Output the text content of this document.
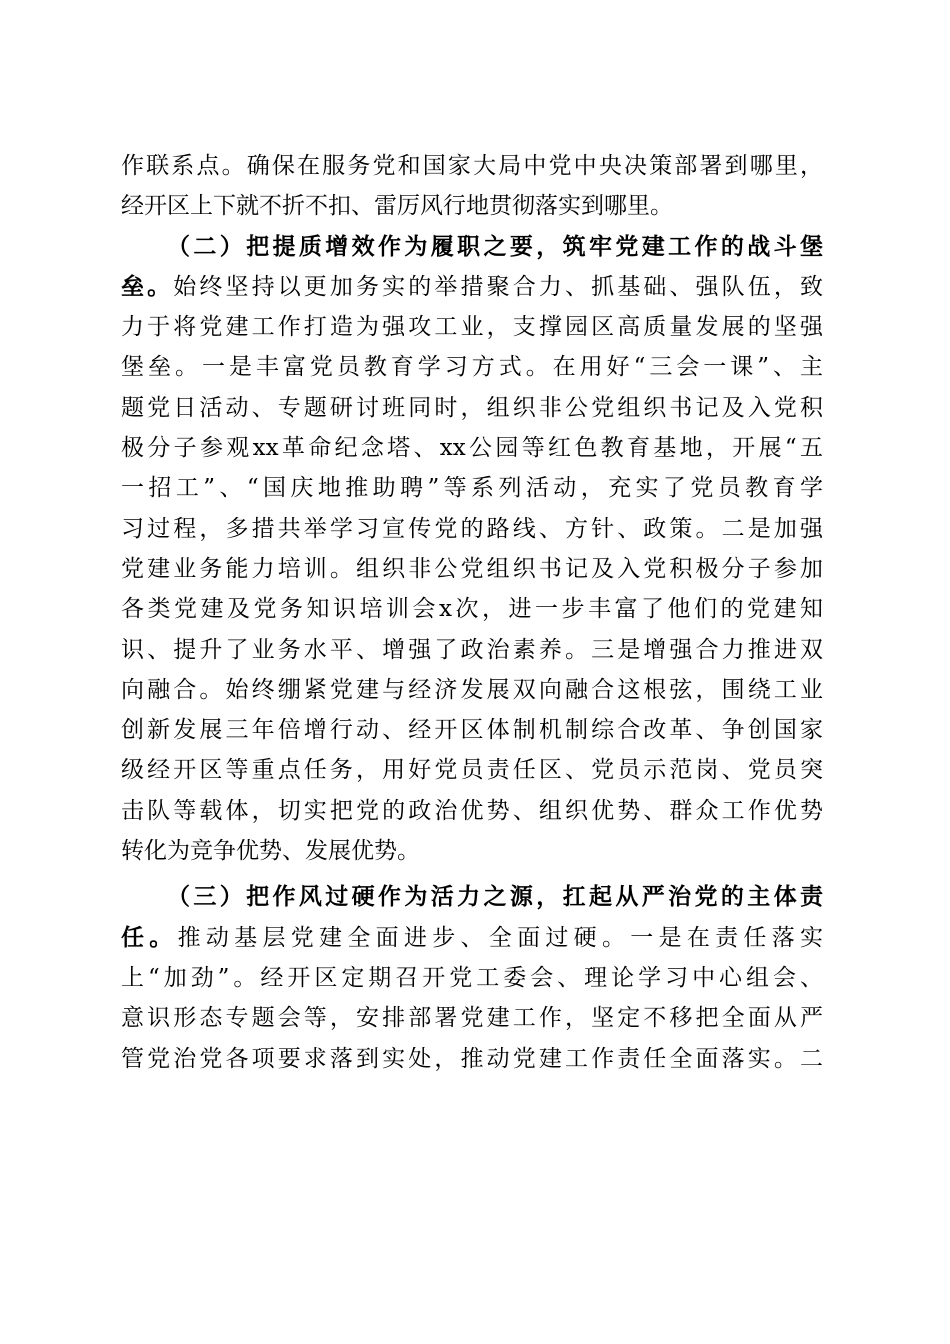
作联系点。确保在服务党和国家大局中党中央决策部署到哪里，
经开区上下就不折不扣、雷厉风行地贯彻落实到哪里。
（二）把提质增效作为履职之要，筑牢党建工作的战斗堡
垒。始终坚持以更加务实的举措聚合力、抓基础、强队伍，致
力于将党建工作打造为强攻工业，支撑园区高质量发展的坚强
堡垒。一是丰富党员教育学习方式。在用好“三会一课”、主
题党日活动、专题研讨班同时，组织非公党组织书记及入党积
极分子参观xx革命纪念塔、xx公园等红色教育基地，开展“五
一招工”、“国庆地推助聘”等系列活动，充实了党员教育学
习过程，多措共举学习宣传党的路线、方针、政策。二是加强
党建业务能力培训。组织非公党组织书记及入党积极分子参加
各类党建及党务知识培训会x次，进一步丰富了他们的党建知
识、提升了业务水平、增强了政治素养。三是增强合力推进双
向融合。始终绷紧党建与经济发展双向融合这根弦，围绕工业
创新发展三年倍增行动、经开区体制机制综合改革、争创国家
级经开区等重点任务，用好党员责任区、党员示范岗、党员突
击队等载体，切实把党的政治优势、组织优势、群众工作优势
转化为竞争优势、发展优势。
（三）把作风过硬作为活力之源，扛起从严治党的主体责
任。推动基层党建全面进步、全面过硬。一是在责任落实
上“加劲”。经开区定期召开党工委会、理论学习中心组会、
意识形态专题会等，安排部署党建工作，坚定不移把全面从严
管党治党各项要求落到实处，推动党建工作责任全面落实。二
